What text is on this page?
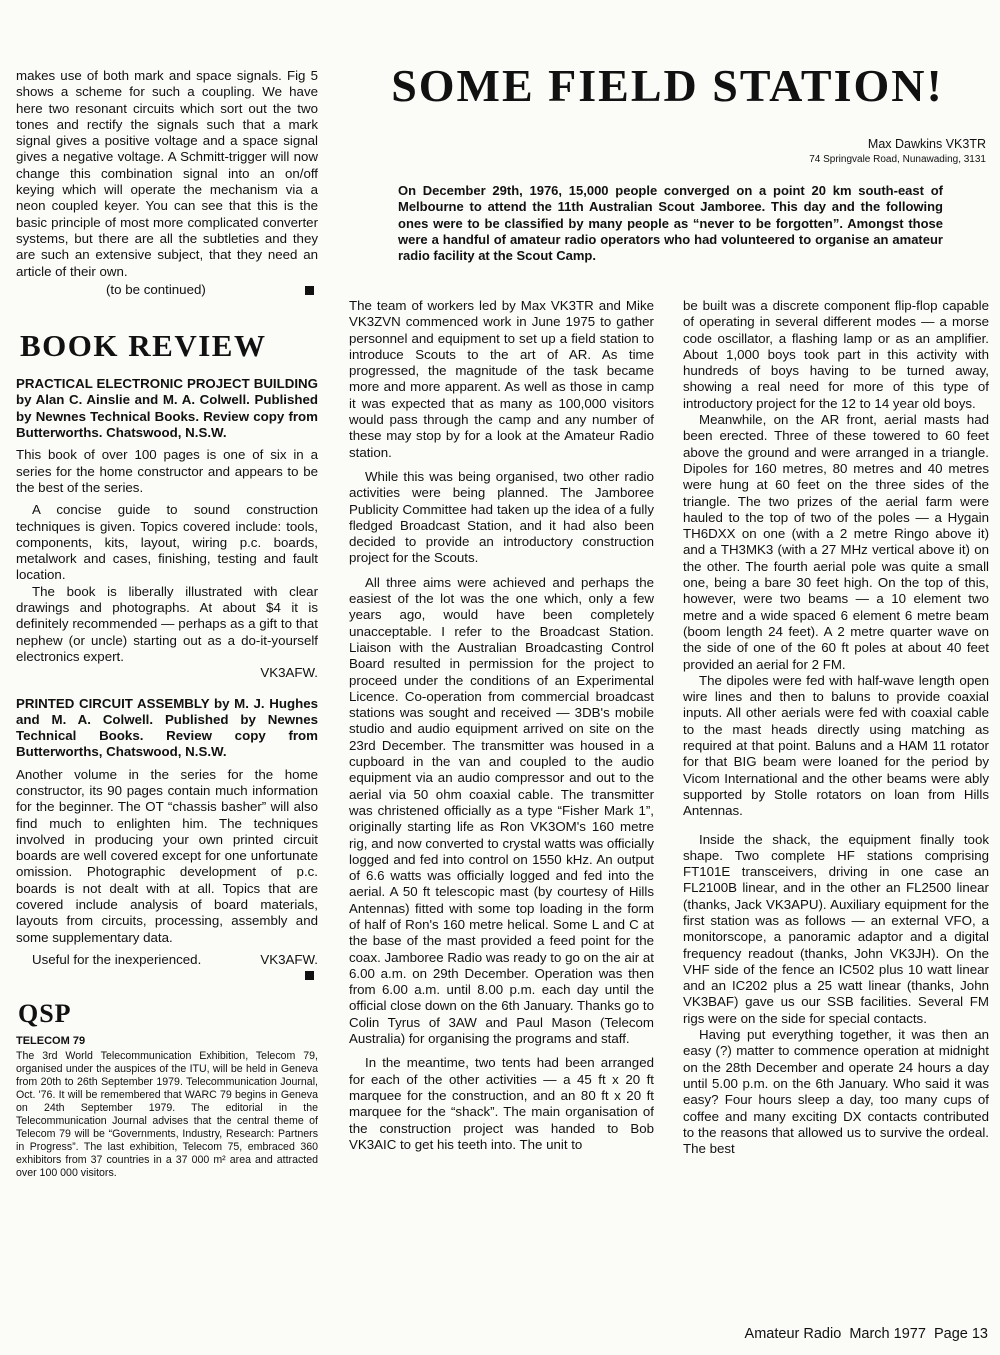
makes use of both mark and space signals. Fig 5 shows a scheme for such a coupling. We have here two resonant circuits which sort out the two tones and rectify the signals such that a mark signal gives a positive voltage and a space signal gives a negative voltage. A Schmitt-trigger will now change this combination signal into an on/off keying which will operate the mechanism via a neon coupled keyer. You can see that this is the basic principle of most more complicated converter systems, but there are all the subtleties and they are such an extensive subject, that they need an article of their own.

(to be continued)

BOOK REVIEW

PRACTICAL ELECTRONIC PROJECT BUILDING by Alan C. Ainslie and M. A. Colwell. Published by Newnes Technical Books. Review copy from Butterworths. Chatswood, N.S.W.

This book of over 100 pages is one of six in a series for the home constructor and appears to be the best of the series.

A concise guide to sound construction techniques is given. Topics covered include: tools, components, kits, layout, wiring p.c. boards, metalwork and cases, finishing, testing and fault location.

The book is liberally illustrated with clear drawings and photographs. At about $4 it is definitely recommended — perhaps as a gift to that nephew (or uncle) starting out as a do-it-yourself electronics expert.

VK3AFW.

PRINTED CIRCUIT ASSEMBLY by M. J. Hughes and M. A. Colwell. Published by Newnes Technical Books. Review copy from Butterworths, Chatswood, N.S.W.

Another volume in the series for the home constructor, its 90 pages contain much information for the beginner. The OT “chassis basher” will also find much to enlighten him. The techniques involved in producing your own printed circuit boards are well covered except for one unfortunate omission. Photographic development of p.c. boards is not dealt with at all. Topics that are covered include analysis of board materials, layouts from circuits, processing, assembly and some supplementary data.

Useful for the inexperienced.	VK3AFW.

QSP

TELECOM 79

The 3rd World Telecommunication Exhibition, Telecom 79, organised under the auspices of the ITU, will be held in Geneva from 20th to 26th September 1979. Telecommunication Journal, Oct. '76. It will be remembered that WARC 79 begins in Geneva on 24th September 1979. The editorial in the Telecommunication Journal advises that the central theme of Telecom 79 will be “Governments, Industry, Research: Partners in Progress”. The last exhibition, Telecom 75, embraced 360 exhibitors from 37 countries in a 37 000 m² area and attracted over 100 000 visitors.

SOME FIELD STATION!
Max Dawkins VK3TR
74 Springvale Road, Nunawading, 3131
On December 29th, 1976, 15,000 people converged on a point 20 km south-east of Melbourne to attend the 11th Australian Scout Jamboree. This day and the following ones were to be classified by many people as “never to be forgotten”. Amongst those were a handful of amateur radio operators who had volunteered to organise an amateur radio facility at the Scout Camp.

The team of workers led by Max VK3TR and Mike VK3ZVN commenced work in June 1975 to gather personnel and equipment to set up a field station to introduce Scouts to the art of AR. As time progressed, the magnitude of the task became more and more apparent. As well as those in camp it was expected that as many as 100,000 visitors would pass through the camp and any number of these may stop by for a look at the Amateur Radio station.

While this was being organised, two other radio activities were being planned. The Jamboree Publicity Committee had taken up the idea of a fully fledged Broadcast Station, and it had also been decided to provide an introductory construction project for the Scouts.

All three aims were achieved and perhaps the easiest of the lot was the one which, only a few years ago, would have been completely unacceptable. I refer to the Broadcast Station. Liaison with the Australian Broadcasting Control Board resulted in permission for the project to proceed under the conditions of an Experimental Licence. Co-operation from commercial broadcast stations was sought and received — 3DB's mobile studio and audio equipment arrived on site on the 23rd December. The transmitter was housed in a cupboard in the van and coupled to the audio equipment via an audio compressor and out to the aerial via 50 ohm coaxial cable. The transmitter was christened officially as a type “Fisher Mark 1”, originally starting life as Ron VK3OM's 160 metre rig, and now converted to crystal watts was officially logged and fed into control on 1550 kHz. An output of 6.6 watts was officially logged and fed into the aerial. A 50 ft telescopic mast (by courtesy of Hills Antennas) fitted with some top loading in the form of half of Ron's 160 metre helical. Some L and C at the base of the mast provided a feed point for the coax. Jamboree Radio was ready to go on the air at 6.00 a.m. on 29th December. Operation was then from 6.00 a.m. until 8.00 p.m. each day until the official close down on the 6th January. Thanks go to Colin Tyrus of 3AW and Paul Mason (Telecom Australia) for organising the programs and staff.

In the meantime, two tents had been arranged for each of the other activities — a 45 ft x 20 ft marquee for the construction, and an 80 ft x 20 ft marquee for the “shack”. The main organisation of the construction project was handed to Bob VK3AIC to get his teeth into. The unit to

be built was a discrete component flip-flop capable of operating in several different modes — a morse code oscillator, a flashing lamp or as an amplifier. About 1,000 boys took part in this activity with hundreds of boys having to be turned away, showing a real need for more of this type of introductory project for the 12 to 14 year old boys.

Meanwhile, on the AR front, aerial masts had been erected. Three of these towered to 60 feet above the ground and were arranged in a triangle. Dipoles for 160 metres, 80 metres and 40 metres were hung at 60 feet on the three sides of the triangle. The two prizes of the aerial farm were hauled to the top of two of the poles — a Hygain TH6DXX on one (with a 2 metre Ringo above it) and a TH3MK3 (with a 27 MHz vertical above it) on the other. The fourth aerial pole was quite a small one, being a bare 30 feet high. On the top of this, however, were two beams — a 10 element two metre and a wide spaced 6 element 6 metre beam (boom length 24 feet). A 2 metre quarter wave on the side of one of the 60 ft poles at about 40 feet provided an aerial for 2 FM.

The dipoles were fed with half-wave length open wire lines and then to baluns to provide coaxial inputs. All other aerials were fed with coaxial cable to the mast heads directly using matching as required at that point. Baluns and a HAM 11 rotator for that BIG beam were loaned for the period by Vicom International and the other beams were ably supported by Stolle rotators on loan from Hills Antennas.

Inside the shack, the equipment finally took shape. Two complete HF stations comprising FT101E transceivers, driving in one case an FL2100B linear, and in the other an FL2500 linear (thanks, Jack VK3APU). Auxiliary equipment for the first station was as follows — an external VFO, a monitorscope, a panoramic adaptor and a digital frequency readout (thanks, John VK3JH). On the VHF side of the fence an IC502 plus 10 watt linear and an IC202 plus a 25 watt linear (thanks, John VK3BAF) gave us our SSB facilities. Several FM rigs were on the side for special contacts.

Having put everything together, it was then an easy (?) matter to commence operation at midnight on the 28th December and operate 24 hours a day until 5.00 p.m. on the 6th January. Who said it was easy? Four hours sleep a day, too many cups of coffee and many exciting DX contacts contributed to the reasons that allowed us to survive the ordeal. The best

Amateur Radio March 1977 Page 13
